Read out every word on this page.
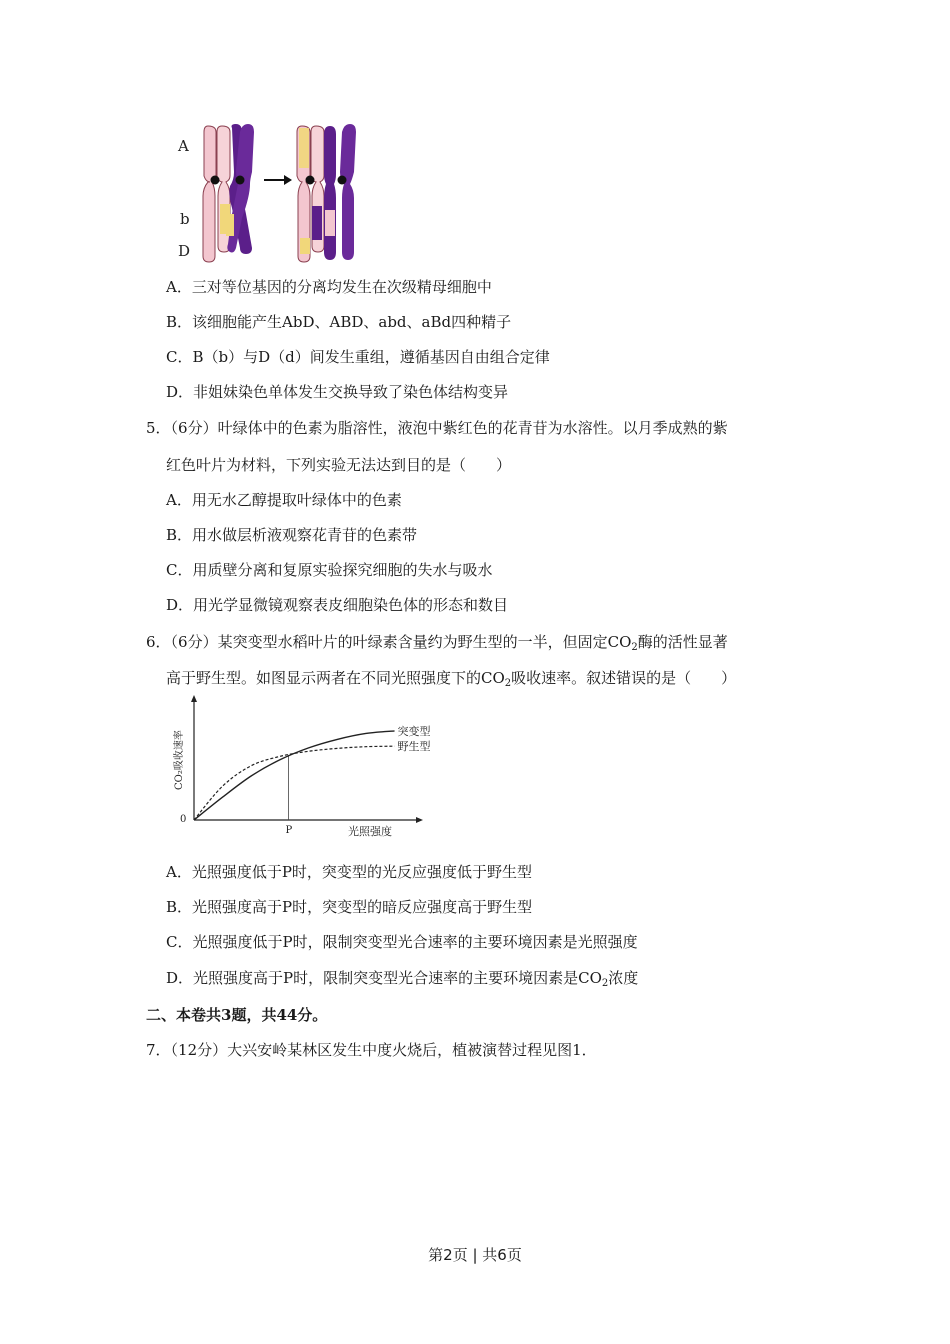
A
b
D
A．三对等位基因的分离均发生在次级精母细胞中
B．该细胞能产生AbD、ABD、abd、aBd四种精子
C．B（b）与D（d）间发生重组，遵循基因自由组合定律
D．非姐妹染色单体发生交换导致了染色体结构变异
5．（6分）叶绿体中的色素为脂溶性，液泡中紫红色的花青苷为水溶性。以月季成熟的紫
红色叶片为材料，下列实验无法达到目的是（　　）
A．用无水乙醇提取叶绿体中的色素
B．用水做层析液观察花青苷的色素带
C．用质壁分离和复原实验探究细胞的失水与吸水
D．用光学显微镜观察表皮细胞染色体的形态和数目
6．（6分）某突变型水稻叶片的叶绿素含量约为野生型的一半，但固定$CO_2$酶的活性显著
高于野生型。如图显示两者在不同光照强度下的$CO_2$吸收速率。叙述错误的是（　　）
突变型
野生型
0
P	光照强度
CO₂吸收速率
A．光照强度低于P时，突变型的光反应强度低于野生型
B．光照强度高于P时，突变型的暗反应强度高于野生型
C．光照强度低于P时，限制突变型光合速率的主要环境因素是光照强度
D．光照强度高于P时，限制突变型光合速率的主要环境因素是$CO_2$浓度
二、本卷共3题，共44分。
7．（12分）大兴安岭某林区发生中度火烧后，植被演替过程见图1．
第2页 | 共6页
